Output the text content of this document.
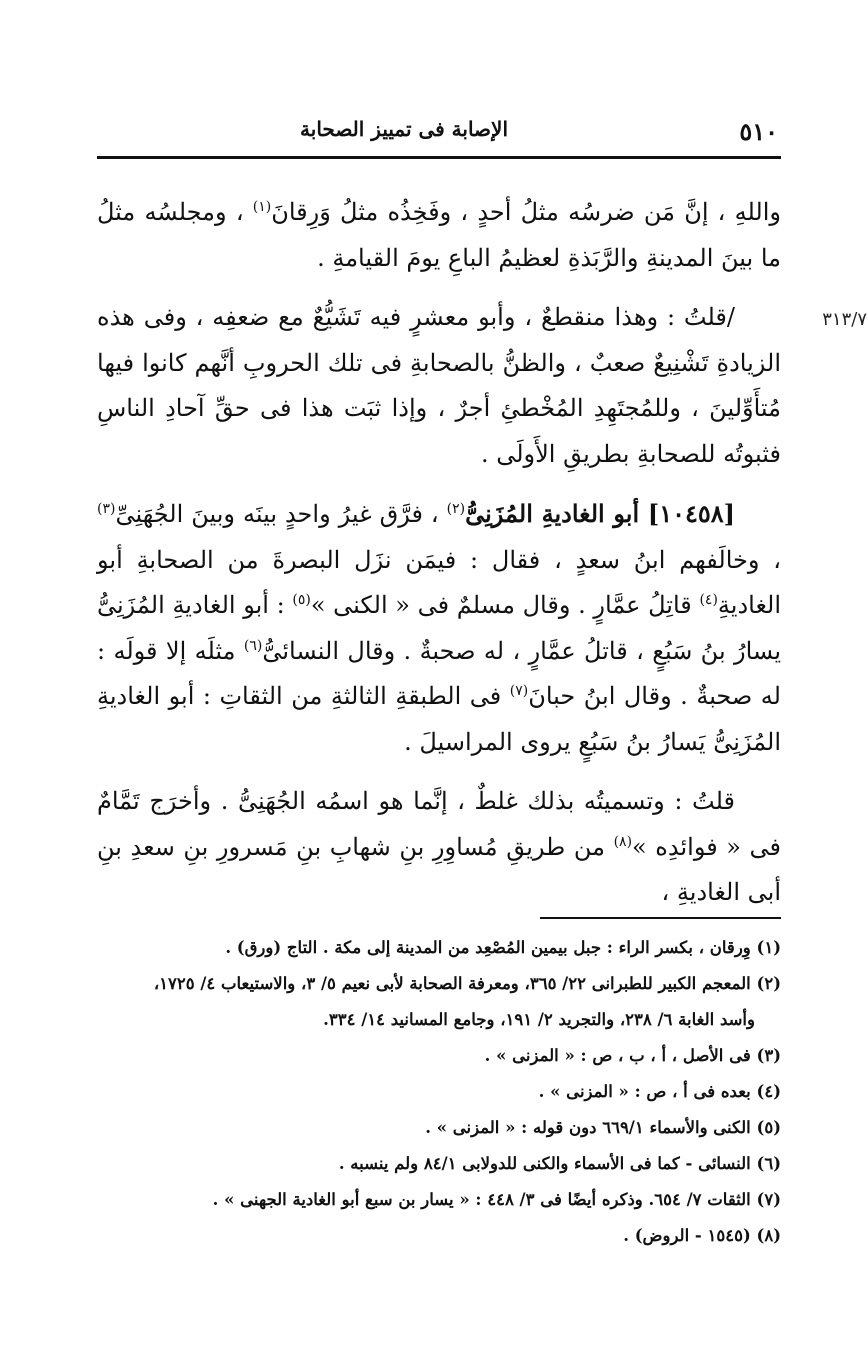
٥١٠
الإصابة فى تمييز الصحابة

واللهِ ، إنَّ مَن ضرسُه مثلُ أحدٍ ، وفَخِذُه مثلُ وَرِقانَ$^{(١)}$ ، ومجلسُه مثلُ ما بينَ المدينةِ والرَّبَذةِ لعظيمُ الباعِ يومَ القيامةِ .

٣١٣/٧

/قلتُ : وهذا منقطعٌ ، وأبو معشرٍ فيه تَشَيُّعٌ مع ضعفِه ، وفى هذه الزيادةِ تَشْنِيعٌ صعبٌ ، والظنُّ بالصحابةِ فى تلك الحروبِ أنَّهم كانوا فيها مُتأَوِّلينَ ، وللمُجتَهِدِ المُخْطئِ أجرٌ ، وإذا ثبَت هذا فى حقِّ آحادِ الناسِ فثبوتُه للصحابةِ بطريقِ الأَولَى .

[١٠٤٥٨] أبو الغاديةِ المُزَنِىُّ$^{(٢)}$ ، فرَّق غيرُ واحدٍ بينَه وبينَ الجُهَنِىِّ$^{(٣)}$ ، وخالَفهم ابنُ سعدٍ ، فقال : فيمَن نزَل البصرةَ من الصحابةِ أبو الغاديةِ$^{(٤)}$ قاتِلُ عمَّارٍ . وقال مسلمٌ فى « الكنى »$^{(٥)}$ : أبو الغاديةِ المُزَنِىُّ يسارُ بنُ سَبُعٍ ، قاتلُ عمَّارٍ ، له صحبةٌ . وقال النسائىُّ$^{(٦)}$ مثلَه إلا قولَه : له صحبةٌ . وقال ابنُ حبانَ$^{(٧)}$ فى الطبقةِ الثالثةِ من الثقاتِ : أبو الغاديةِ المُزَنِىُّ يَسارُ بنُ سَبُعٍ يروى المراسيلَ .

قلتُ : وتسميتُه بذلك غلطٌ ، إنَّما هو اسمُه الجُهَنِىُّ . وأخرَج تَمَّامٌ فى « فوائدِه »$^{(٨)}$ من طريقِ مُساوِرِ بنِ شهابِ بنِ مَسرورِ بنِ سعدِ بنِ أبى الغاديةِ ،

(١) وِرقان ، بكسر الراء : جبل بيمين المُصْعِد من المدينة إلى مكة . التاج (ورق) .

(٢) المعجم الكبير للطبرانى ٢٢/ ٣٦٥، ومعرفة الصحابة لأبى نعيم ٥/ ٣، والاستيعاب ٤/ ١٧٢٥،

وأسد الغابة ٦/ ٢٣٨، والتجريد ٢/ ١٩١، وجامع المسانيد ١٤/ ٣٣٤.

(٣) فى الأصل ، أ ، ب ، ص : « المزنى » .

(٤) بعده فى أ ، ص : « المزنى » .

(٥) الكنى والأسماء ٦٦٩/١ دون قوله : « المزنى » .

(٦) النسائى - كما فى الأسماء والكنى للدولابى ٨٤/١ ولم ينسبه .

(٧) الثقات ٧/ ٦٥٤. وذكره أيضًا فى ٣/ ٤٤٨ : « يسار بن سبع أبو الغادية الجهنى » .

(٨) (١٥٤٥ - الروض) .
